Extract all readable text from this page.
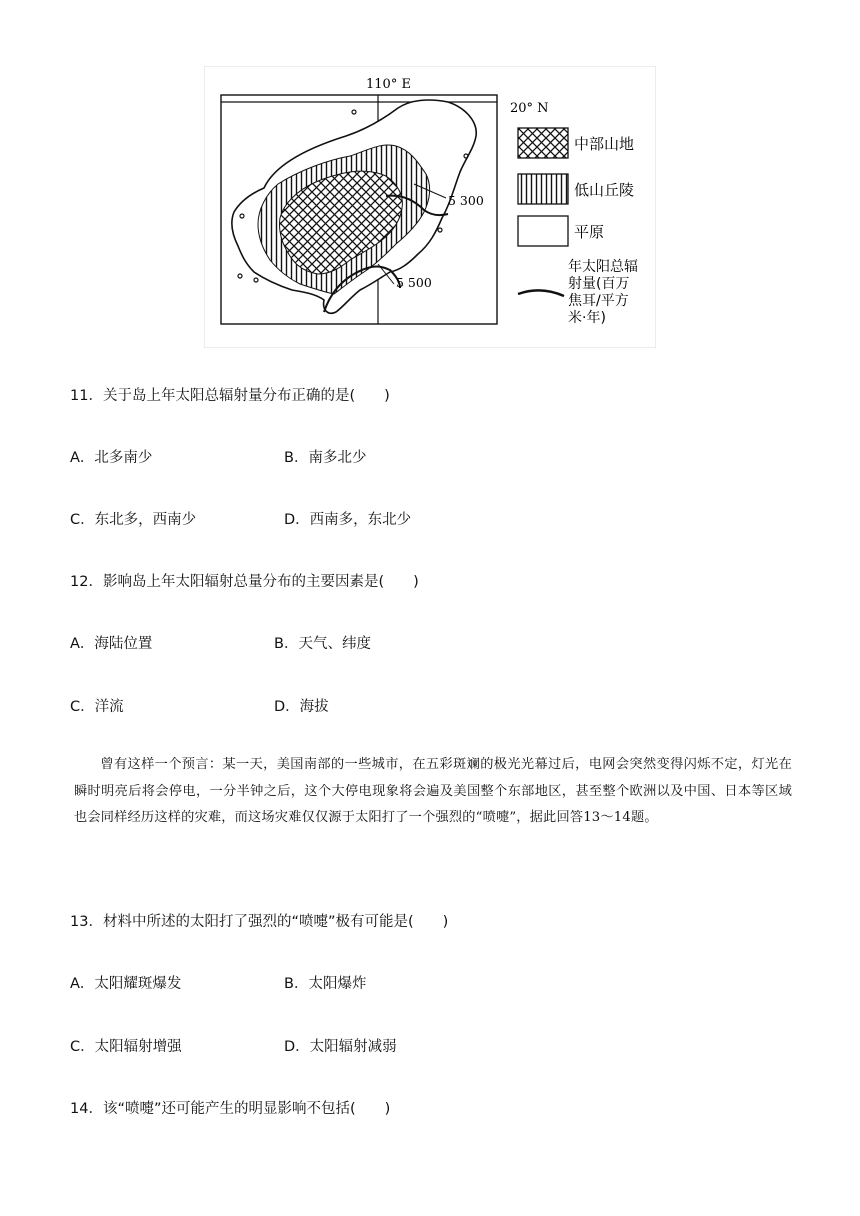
110° E
20° N
5 300
5 500
中部山地
低山丘陵
平原
年太阳总辐
射量(百万
焦耳/平方
米·年)
11．关于岛上年太阳总辐射量分布正确的是(　　)
A．北多南少	B．南多北少
C．东北多，西南少	D．西南多，东北少
12．影响岛上年太阳辐射总量分布的主要因素是(　　)
A．海陆位置	B．天气、纬度
C．洋流	D．海拔
曾有这样一个预言：某一天，美国南部的一些城市，在五彩斑斓的极光光幕过后，电网会突然变得闪烁不定，灯光在瞬时明亮后将会停电，一分半钟之后，这个大停电现象将会遍及美国整个东部地区，甚至整个欧洲以及中国、日本等区域也会同样经历这样的灾难，而这场灾难仅仅源于太阳打了一个强烈的“喷嚏”，据此回答13～14题。
13．材料中所述的太阳打了强烈的“喷嚏”极有可能是(　　)
A．太阳耀斑爆发	B．太阳爆炸
C．太阳辐射增强	D．太阳辐射减弱
14．该“喷嚏”还可能产生的明显影响不包括(　　)
